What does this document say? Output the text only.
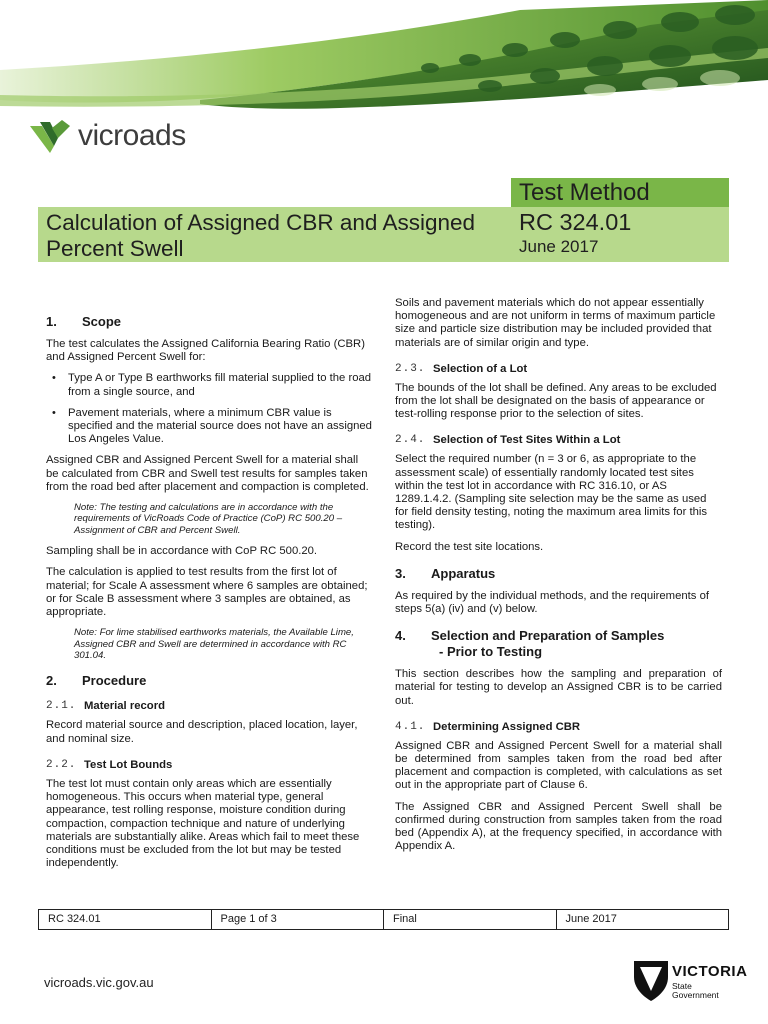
vicroads
Test Method
Calculation of Assigned CBR and Assigned Percent Swell
RC 324.01
June 2017
1.	Scope

The test calculates the Assigned California Bearing Ratio (CBR) and Assigned Percent Swell for:

•	Type A or Type B earthworks fill material supplied to the road from a single source, and
•	Pavement materials, where a minimum CBR value is specified and the material source does not have an assigned Los Angeles Value.

Assigned CBR and Assigned Percent Swell for a material shall be calculated from CBR and Swell test results for samples taken from the road bed after placement and compaction is completed.

Note: The testing and calculations are in accordance with the requirements of VicRoads Code of Practice (CoP) RC 500.20 – Assignment of CBR and Percent Swell.

Sampling shall be in accordance with CoP RC 500.20.

The calculation is applied to test results from the first lot of material; for Scale A assessment where 6 samples are obtained; or for Scale B assessment where 3 samples are obtained, as appropriate.

Note: For lime stabilised earthworks materials, the Available Lime, Assigned CBR and Swell are determined in accordance with RC 301.04.

2.	Procedure
2.1. Material record

Record material source and description, placed location, layer, and nominal size.

2.2. Test Lot Bounds

The test lot must contain only areas which are essentially homogeneous. This occurs when material type, general appearance, test rolling response, moisture condition during compaction, compaction technique and nature of underlying materials are substantially alike. Areas which fail to meet these conditions must be excluded from the lot but may be tested independently.

Soils and pavement materials which do not appear essentially homogeneous and are not uniform in terms of maximum particle size and particle size distribution may be included provided that materials are of similar origin and type.

2.3. Selection of a Lot

The bounds of the lot shall be defined. Any areas to be excluded from the lot shall be designated on the basis of appearance or test-rolling response prior to the selection of sites.

2.4. Selection of Test Sites Within a Lot

Select the required number (n = 3 or 6, as appropriate to the assessment scale) of essentially randomly located test sites within the test lot in accordance with RC 316.10, or AS 1289.1.4.2. (Sampling site selection may be the same as used for field density testing, noting the maximum area limits for this testing).

Record the test site locations.

3.	Apparatus

As required by the individual methods, and the requirements of steps 5(a) (iv) and (v) below.

4.	Selection and Preparation of Samples
- Prior to Testing

This section describes how the sampling and preparation of material for testing to develop an Assigned CBR is to be carried out.

4.1. Determining Assigned CBR

Assigned CBR and Assigned Percent Swell for a material shall be determined from samples taken from the road bed after placement and compaction is completed, with calculations as set out in the appropriate part of Clause 6.

The Assigned CBR and Assigned Percent Swell shall be confirmed during construction from samples taken from the road bed (Appendix A), at the frequency specified, in accordance with Appendix A.

RC 324.01	Page 1 of 3	Final	June 2017
vicroads.vic.gov.au
VICTORIA
State
Government
